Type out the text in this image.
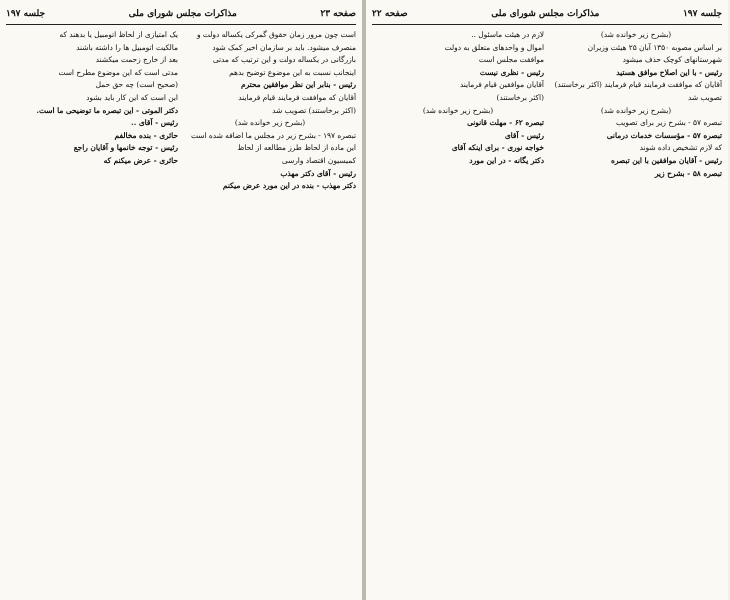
صفحه ۲۳
مذاکرات مجلس شورای ملی
جلسه ۱۹۷

است چون مرور زمان حقوق گمرکی یکساله دولت و

منصرف میشود. باید بر سازمان اخیر کمک شود

بازرگانی در یکساله دولت و این ترتیب که مدتی

اینجانب نسبت به این موضوع توضیح بدهم

رئیس - بنابر این نظر موافقین محترم

آقایان که موافقت فرمایند قیام فرمایند

(اکثر برخاستند) تصویب شد

(بشرح زیر خوانده شد)

تبصره ۱۹۷ - بشرح زیر در مجلس ما اضافه شده است

این ماده از لحاظ طرز مطالعه از لحاظ

کمیسیون اقتصاد وارسی

رئیس - آقای دکتر مهذب

دکتر مهذب - بنده در این مورد عرض میکنم

یک امتیازی از لحاظ اتومبیل یا بدهند که

مالکیت اتومبیل ها را داشته باشند

بعد از خارج زحمت میکشند

مدتی است که این موضوع مطرح است

(صحیح است) چه حق حمل

این است که این کار باید بشود

دکتر الموتی - این تبصره ما توضیحی ما است.

رئیس - آقای ..

حائری - بنده مخالفم

رئیس - توجه خانمها و آقایان راجع

حائری - عرض میکنم که

جلسه ۱۹۷
مذاکرات مجلس شورای ملی
صفحه ۲۲

(بشرح زیر خوانده شد)

بر اساس مصوبه ۱۳۵۰ آبان ۲۵ هیئت وزیران

شهرستانهای کوچک حذف میشود

رئیس - با این اصلاح موافق هستید

آقایان که موافقت فرمایند قیام فرمایند (اکثر برخاستند)

تصویب شد

(بشرح زیر خوانده شد)

تبصره ۵۷ - بشرح زیر برای تصویب

تبصره ۵۷ - مؤسسات خدمات درمانی

که لازم تشخیص داده شوند

رئیس - آقایان موافقین با این تبصره

تبصره ۵۸ - بشرح زیر

لازم در هیئت ماسئول ..

اموال و واحدهای متعلق به دولت

موافقت مجلس است

رئیس - نظری نیست

آقایان موافقین قیام فرمایند

(اکثر برخاستند)

(بشرح زیر خوانده شد)

تبصره ۶۲ - مهلت قانونی

رئیس - آقای

خواجه نوری - برای اینکه آقای

دکتر یگانه - در این مورد
